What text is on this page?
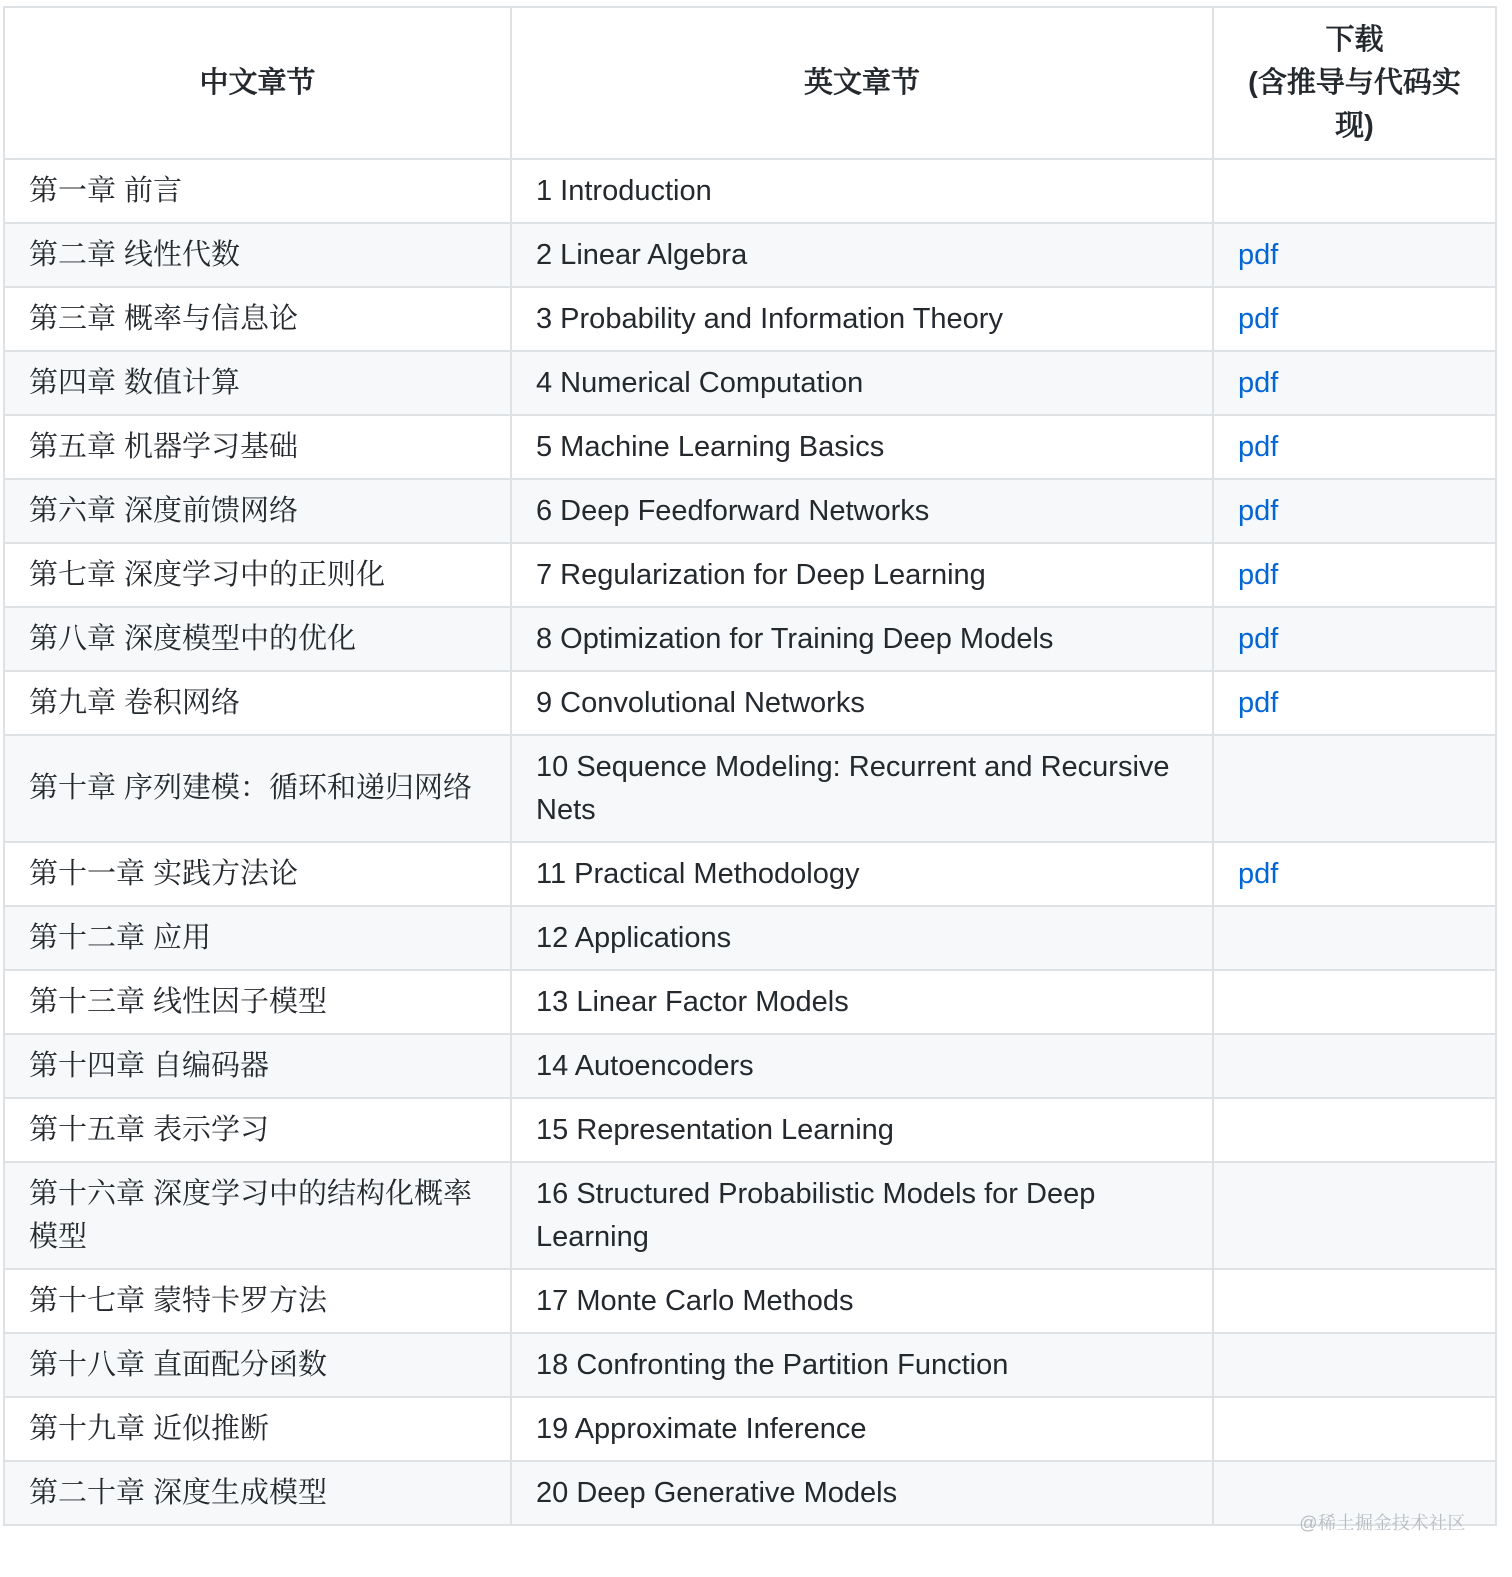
中文章节	英文章节	下载
(含推导与代码实现)
第一章 前言	1 Introduction	
第二章 线性代数	2 Linear Algebra	pdf
第三章 概率与信息论	3 Probability and Information Theory	pdf
第四章 数值计算	4 Numerical Computation	pdf
第五章 机器学习基础	5 Machine Learning Basics	pdf
第六章 深度前馈网络	6 Deep Feedforward Networks	pdf
第七章 深度学习中的正则化	7 Regularization for Deep Learning	pdf
第八章 深度模型中的优化	8 Optimization for Training Deep Models	pdf
第九章 卷积网络	9 Convolutional Networks	pdf
第十章 序列建模：循环和递归网络	10 Sequence Modeling: Recurrent and Recursive Nets	
第十一章 实践方法论	11 Practical Methodology	pdf
第十二章 应用	12 Applications	
第十三章 线性因子模型	13 Linear Factor Models	
第十四章 自编码器	14 Autoencoders	
第十五章 表示学习	15 Representation Learning	
第十六章 深度学习中的结构化概率模型	16 Structured Probabilistic Models for Deep Learning	
第十七章 蒙特卡罗方法	17 Monte Carlo Methods	
第十八章 直面配分函数	18 Confronting the Partition Function	
第十九章 近似推断	19 Approximate Inference	
第二十章 深度生成模型	20 Deep Generative Models	
@稀土掘金技术社区
